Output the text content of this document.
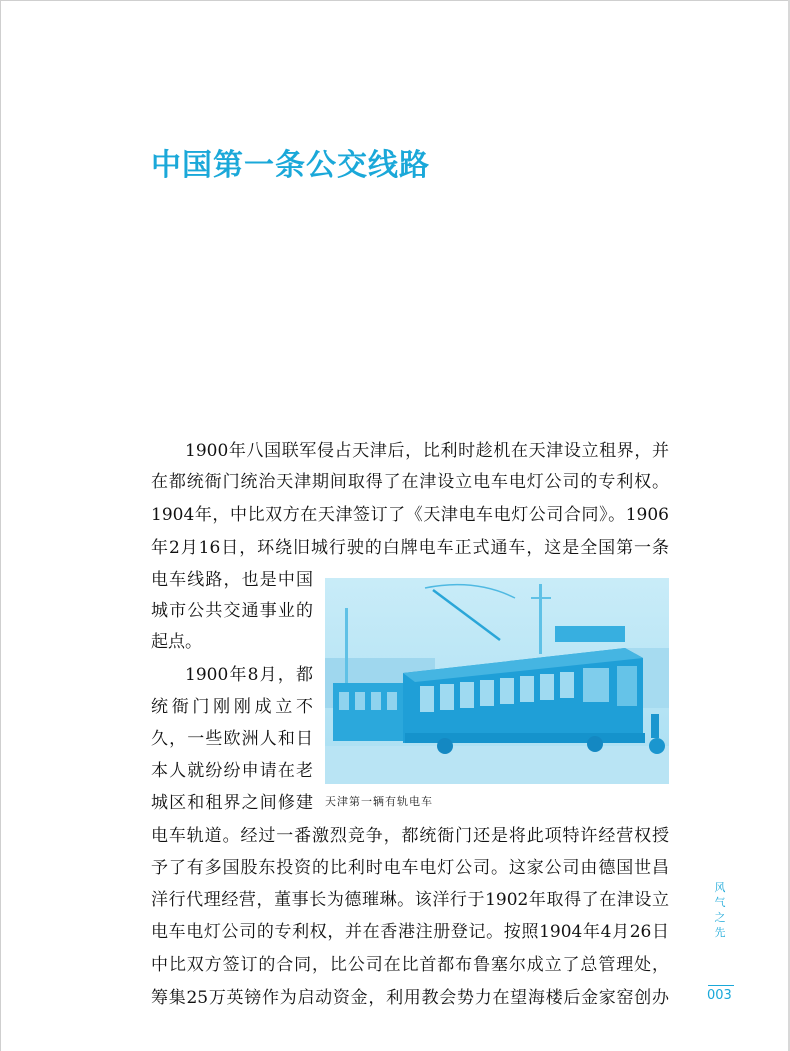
中国第一条公交线路
1900年八国联军侵占天津后，比利时趁机在天津设立租界，并
在都统衙门统治天津期间取得了在津设立电车电灯公司的专利权。
1904年，中比双方在天津签订了《天津电车电灯公司合同》。1906
年2月16日，环绕旧城行驶的白牌电车正式通车，这是全国第一条
电车线路，也是中国
城市公共交通事业的
起点。
1900年8月，都
统衙门刚刚成立不
久，一些欧洲人和日
本人就纷纷申请在老
城区和租界之间修建
电车轨道。经过一番激烈竞争，都统衙门还是将此项特许经营权授
予了有多国股东投资的比利时电车电灯公司。这家公司由德国世昌
洋行代理经营，董事长为德璀琳。该洋行于1902年取得了在津设立
电车电灯公司的专利权，并在香港注册登记。按照1904年4月26日
中比双方签订的合同，比公司在比首都布鲁塞尔成立了总管理处，
筹集25万英镑作为启动资金，利用教会势力在望海楼后金家窑创办
天津第一辆有轨电车
风气之先
003
